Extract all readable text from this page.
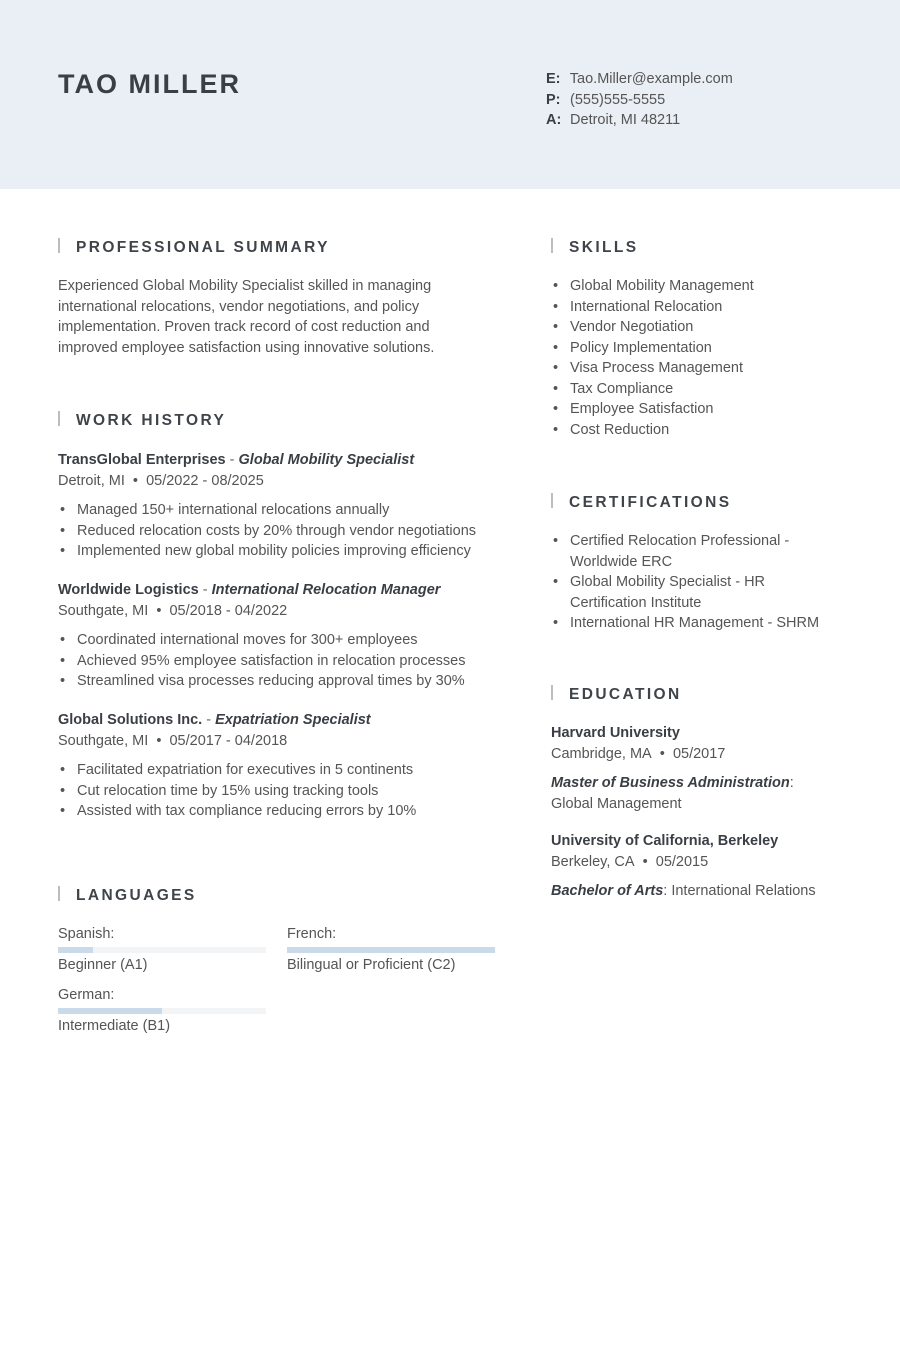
TAO MILLER	E: Tao.Miller@example.com
P: (555)555-5555
A: Detroit, MI 48211
PROFESSIONAL SUMMARY
Experienced Global Mobility Specialist skilled in managing international relocations, vendor negotiations, and policy implementation. Proven track record of cost reduction and improved employee satisfaction using innovative solutions.
WORK HISTORY
TransGlobal Enterprises - Global Mobility Specialist
Detroit, MI  •  05/2022 - 08/2025
• Managed 150+ international relocations annually
• Reduced relocation costs by 20% through vendor negotiations
• Implemented new global mobility policies improving efficiency
Worldwide Logistics - International Relocation Manager
Southgate, MI  •  05/2018 - 04/2022
• Coordinated international moves for 300+ employees
• Achieved 95% employee satisfaction in relocation processes
• Streamlined visa processes reducing approval times by 30%
Global Solutions Inc. - Expatriation Specialist
Southgate, MI  •  05/2017 - 04/2018
• Facilitated expatriation for executives in 5 continents
• Cut relocation time by 15% using tracking tools
• Assisted with tax compliance reducing errors by 10%
LANGUAGES
Spanish:
Beginner (A1)
French:
Bilingual or Proficient (C2)
German:
Intermediate (B1)
SKILLS
• Global Mobility Management
• International Relocation
• Vendor Negotiation
• Policy Implementation
• Visa Process Management
• Tax Compliance
• Employee Satisfaction
• Cost Reduction
CERTIFICATIONS
• Certified Relocation Professional - Worldwide ERC
• Global Mobility Specialist - HR Certification Institute
• International HR Management - SHRM
EDUCATION
Harvard University
Cambridge, MA  •  05/2017
Master of Business Administration: Global Management
University of California, Berkeley
Berkeley, CA  •  05/2015
Bachelor of Arts: International Relations
